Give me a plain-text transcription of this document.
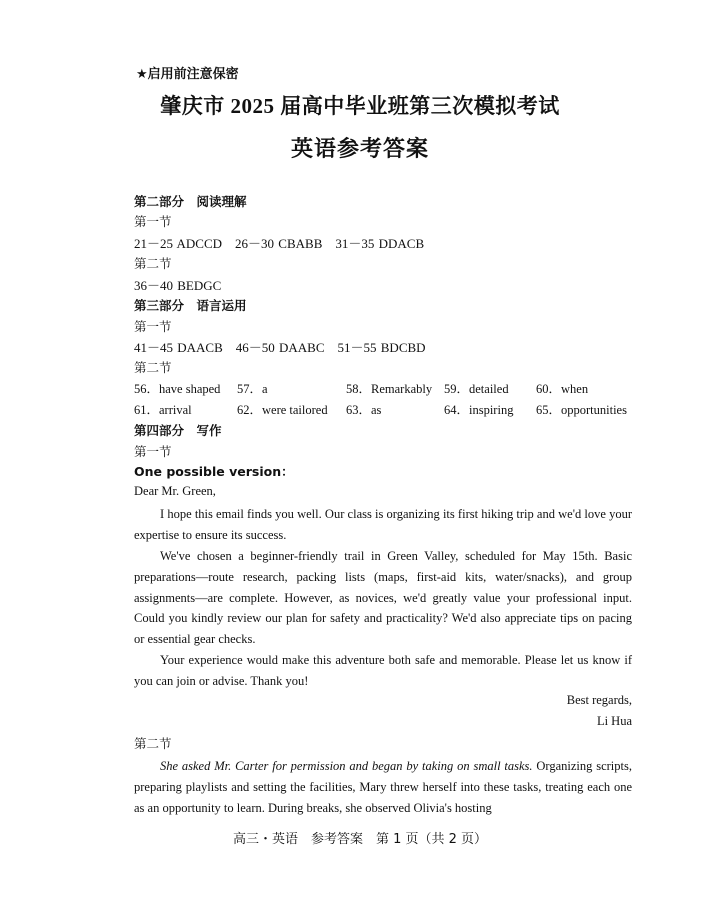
★启用前注意保密
肇庆市 2025 届高中毕业班第三次模拟考试
英语参考答案
第二部分　阅读理解
第一节
21－25 ADCCD　26－30 CBABB　31－35 DDACB
第二节
36－40 BEDGC
第三部分　语言运用
第一节
41－45 DAACB　46－50 DAABC　51－55 BDCBD
第二节
56．have shaped 57．a	58．Remarkably 59．detailed 60．when
61．arrival	62．were tailored 63．as	64．inspiring 65．opportunities
第四部分　写作
第一节
One possible version：
Dear Mr. Green,
I hope this email finds you well. Our class is organizing its first hiking trip and we'd love your expertise to ensure its success.
We've chosen a beginner-friendly trail in Green Valley, scheduled for May 15th. Basic preparations—route research, packing lists (maps, first-aid kits, water/snacks), and group assignments—are complete. However, as novices, we'd greatly value your professional input. Could you kindly review our plan for safety and practicality? We'd also appreciate tips on pacing or essential gear checks.
Your experience would make this adventure both safe and memorable. Please let us know if you can join or advise. Thank you!
Best regards,
Li Hua
第二节
She asked Mr. Carter for permission and began by taking on small tasks. Organizing scripts, preparing playlists and setting the facilities, Mary threw herself into these tasks, treating each one as an opportunity to learn. During breaks, she observed Olivia's hosting
高三・英语　参考答案　第 1 页（共 2 页）
